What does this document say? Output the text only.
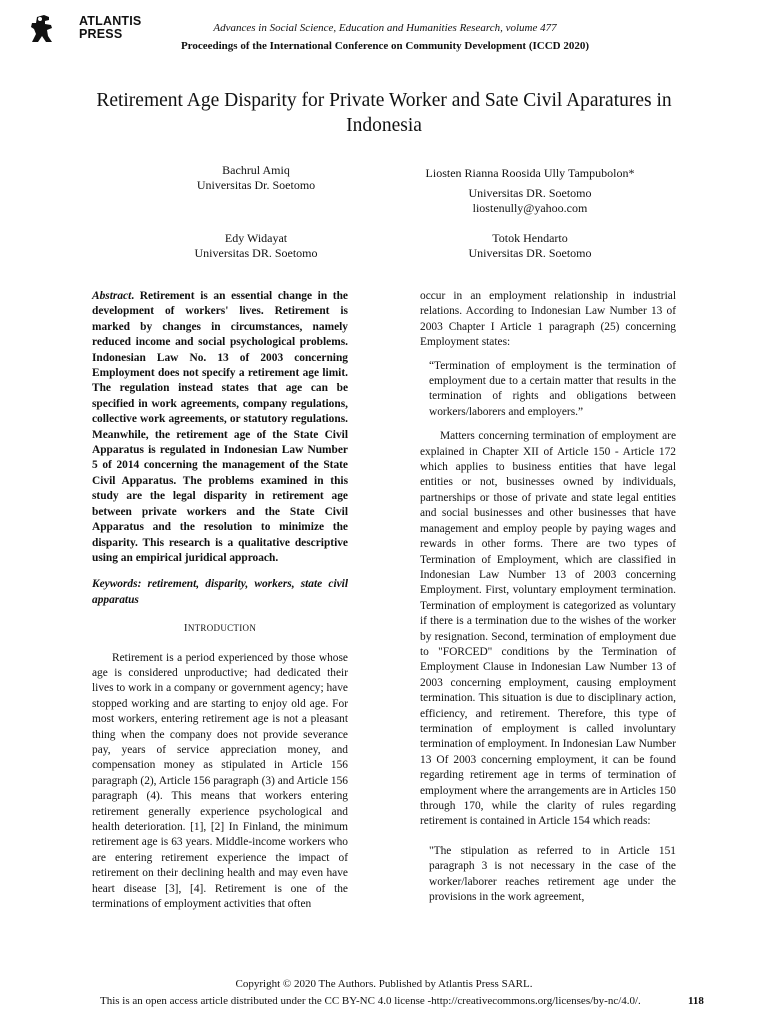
ATLANTIS
PRESS	Advances in Social Science, Education and Humanities Research, volume 477
Proceedings of the International Conference on Community Development (ICCD 2020)
Retirement Age Disparity for Private Worker and Sate Civil Aparatures in Indonesia
Bachrul Amiq
Universitas Dr. Soetomo
Liosten Rianna Roosida Ully Tampubolon*
Universitas DR. Soetomo
liostenully@yahoo.com
Edy Widayat
Universitas DR. Soetomo
Totok Hendarto
Universitas DR. Soetomo

Abstract. Retirement is an essential change in the development of workers' lives. Retirement is marked by changes in circumstances, namely reduced income and social psychological problems. Indonesian Law No. 13 of 2003 concerning Employment does not specify a retirement age limit. The regulation instead states that age can be specified in work agreements, company regulations, collective work agreements, or statutory regulations. Meanwhile, the retirement age of the State Civil Apparatus is regulated in Indonesian Law Number 5 of 2014 concerning the management of the State Civil Apparatus. The problems examined in this study are the legal disparity in retirement age between private workers and the State Civil Apparatus and the resolution to minimize the disparity. This research is a qualitative descriptive using an empirical juridical approach.

Keywords: retirement, disparity, workers, state civil apparatus

INTRODUCTION

Retirement is a period experienced by those whose age is considered unproductive; had dedicated their lives to work in a company or government agency; have stopped working and are starting to enjoy old age. For most workers, entering retirement age is not a pleasant thing when the company does not provide severance pay, years of service appreciation money, and compensation money as stipulated in Article 156 paragraph (2), Article 156 paragraph (3) and Article 156 paragraph (4). This means that workers entering retirement generally experience psychological and health deterioration. [1], [2] In Finland, the minimum retirement age is 63 years. Middle-income workers who are entering retirement experience the impact of retirement on their declining health and may even have heart disease [3], [4]. Retirement is one of the terminations of employment activities that often

occur in an employment relationship in industrial relations. According to Indonesian Law Number 13 of 2003 Chapter I Article 1 paragraph (25) concerning Employment states:

“Termination of employment is the termination of employment due to a certain matter that results in the termination of rights and obligations between workers/laborers and employers.”

Matters concerning termination of employment are explained in Chapter XII of Article 150 - Article 172 which applies to business entities that have legal entities or not, businesses owned by individuals, partnerships or those of private and state legal entities and social businesses and other businesses that have management and employ people by paying wages and rewards in other forms. There are two types of Termination of Employment, which are classified in Indonesian Law Number 13 of 2003 concerning Employment. First, voluntary employment termination. Termination of employment is categorized as voluntary if there is a termination due to the wishes of the worker by resignation. Second, termination of employment due to "FORCED" conditions by the Termination of Employment Clause in Indonesian Law Number 13 of 2003 concerning employment, causing employment termination. This situation is due to disciplinary action, efficiency, and retirement. Therefore, this type of termination of employment is called involuntary termination of employment. In Indonesian Law Number 13 Of 2003 concerning employment, it can be found regarding retirement age in terms of termination of employment where the arrangements are in Articles 150 through 170, while the clarity of rules regarding retirement is contained in Article 154 which reads:

"The stipulation as referred to in Article 151 paragraph 3 is not necessary in the case of the worker/laborer reaches retirement age under the provisions in the work agreement,

Copyright © 2020 The Authors. Published by Atlantis Press SARL.
This is an open access article distributed under the CC BY-NC 4.0 license -http://creativecommons.org/licenses/by-nc/4.0/.	118
